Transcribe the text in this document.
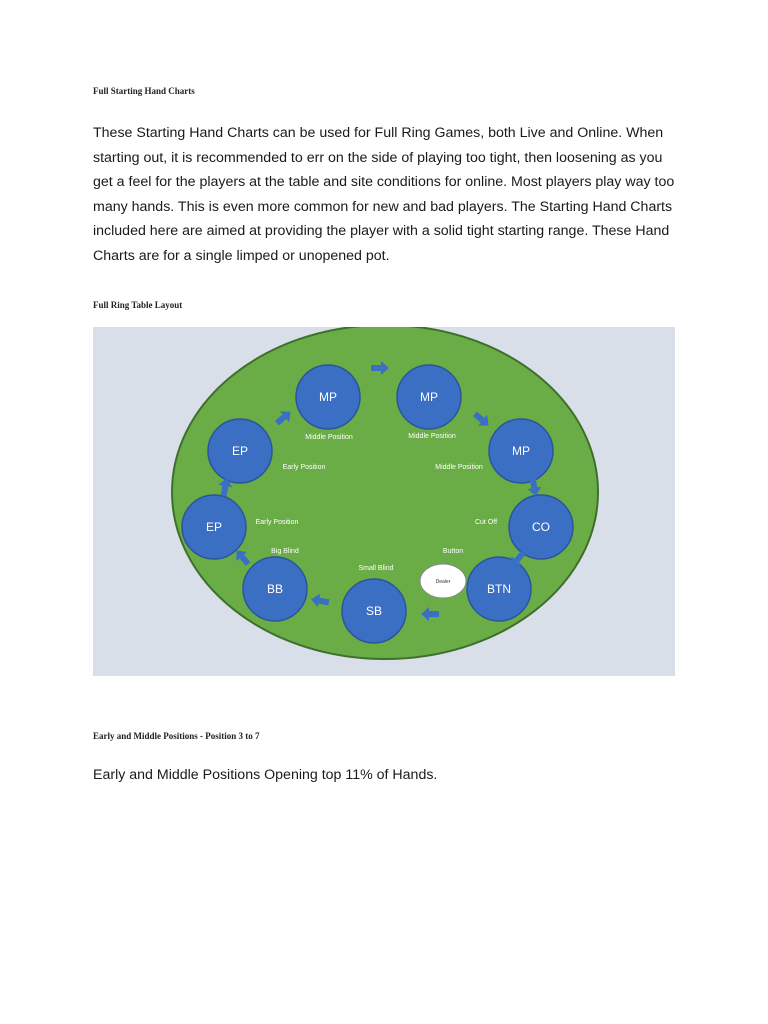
Full Starting Hand Charts

These Starting Hand Charts can be used for Full Ring Games, both Live and Online. When starting out, it is recommended to err on the side of playing too tight, then loosening as you get a feel for the players at the table and site conditions for online. Most players play way too many hands. This is even more common for new and bad players. The Starting Hand Charts included here are aimed at providing the player with a solid tight starting range. These Hand Charts are for a single limped or unopened pot.

Full Ring Table Layout

MP	MP
MP
CO
BTN
SB
BB
EP
EP
Dealer
Middle Position	Middle Position
Middle Position
Cut Off
Button
Small Blind
Big Blind
Early Position
Early Position

Early and Middle Positions - Position 3 to 7

Early and Middle Positions Opening top 11% of Hands.
